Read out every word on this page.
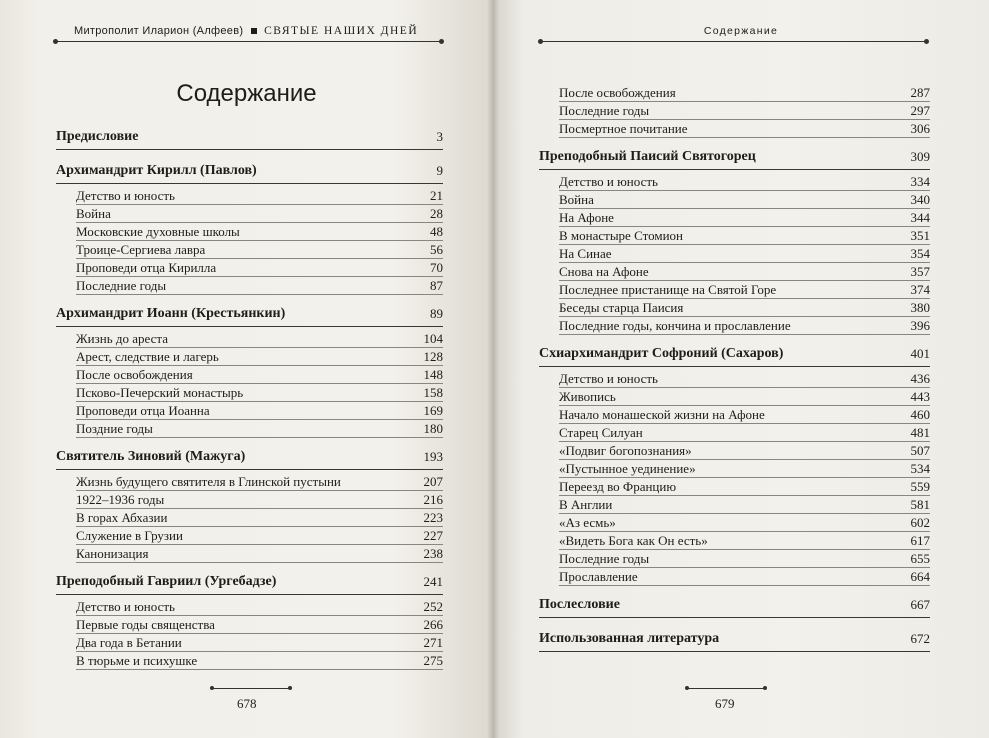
Митрополит Иларион (Алфеев) СВЯТЫЕ НАШИХ ДНЕЙ
Содержание
Предисловие	3
Архимандрит Кирилл (Павлов)	9
Детство и юность	21
Война	28
Московские духовные школы	48
Троице-Сергиева лавра	56
Проповеди отца Кирилла	70
Последние годы	87
Архимандрит Иоанн (Крестьянкин)	89
Жизнь до ареста	104
Арест, следствие и лагерь	128
После освобождения	148
Псково-Печерский монастырь	158
Проповеди отца Иоанна	169
Поздние годы	180
Святитель Зиновий (Мажуга)	193
Жизнь будущего святителя в Глинской пустыни	207
1922–1936 годы	216
В горах Абхазии	223
Служение в Грузии	227
Канонизация	238
Преподобный Гавриил (Ургебадзе)	241
Детство и юность	252
Первые годы священства	266
Два года в Бетании	271
В тюрьме и психушке	275
678
Содержание
После освобождения	287
Последние годы	297
Посмертное почитание	306
Преподобный Паисий Святогорец	309
Детство и юность	334
Война	340
На Афоне	344
В монастыре Стомион	351
На Синае	354
Снова на Афоне	357
Последнее пристанище на Святой Горе	374
Беседы старца Паисия	380
Последние годы, кончина и прославление	396
Схиархимандрит Софроний (Сахаров)	401
Детство и юность	436
Живопись	443
Начало монашеской жизни на Афоне	460
Старец Силуан	481
«Подвиг богопознания»	507
«Пустынное уединение»	534
Переезд во Францию	559
В Англии	581
«Аз есмь»	602
«Видеть Бога как Он есть»	617
Последние годы	655
Прославление	664
Послесловие	667
Использованная литература	672
679
